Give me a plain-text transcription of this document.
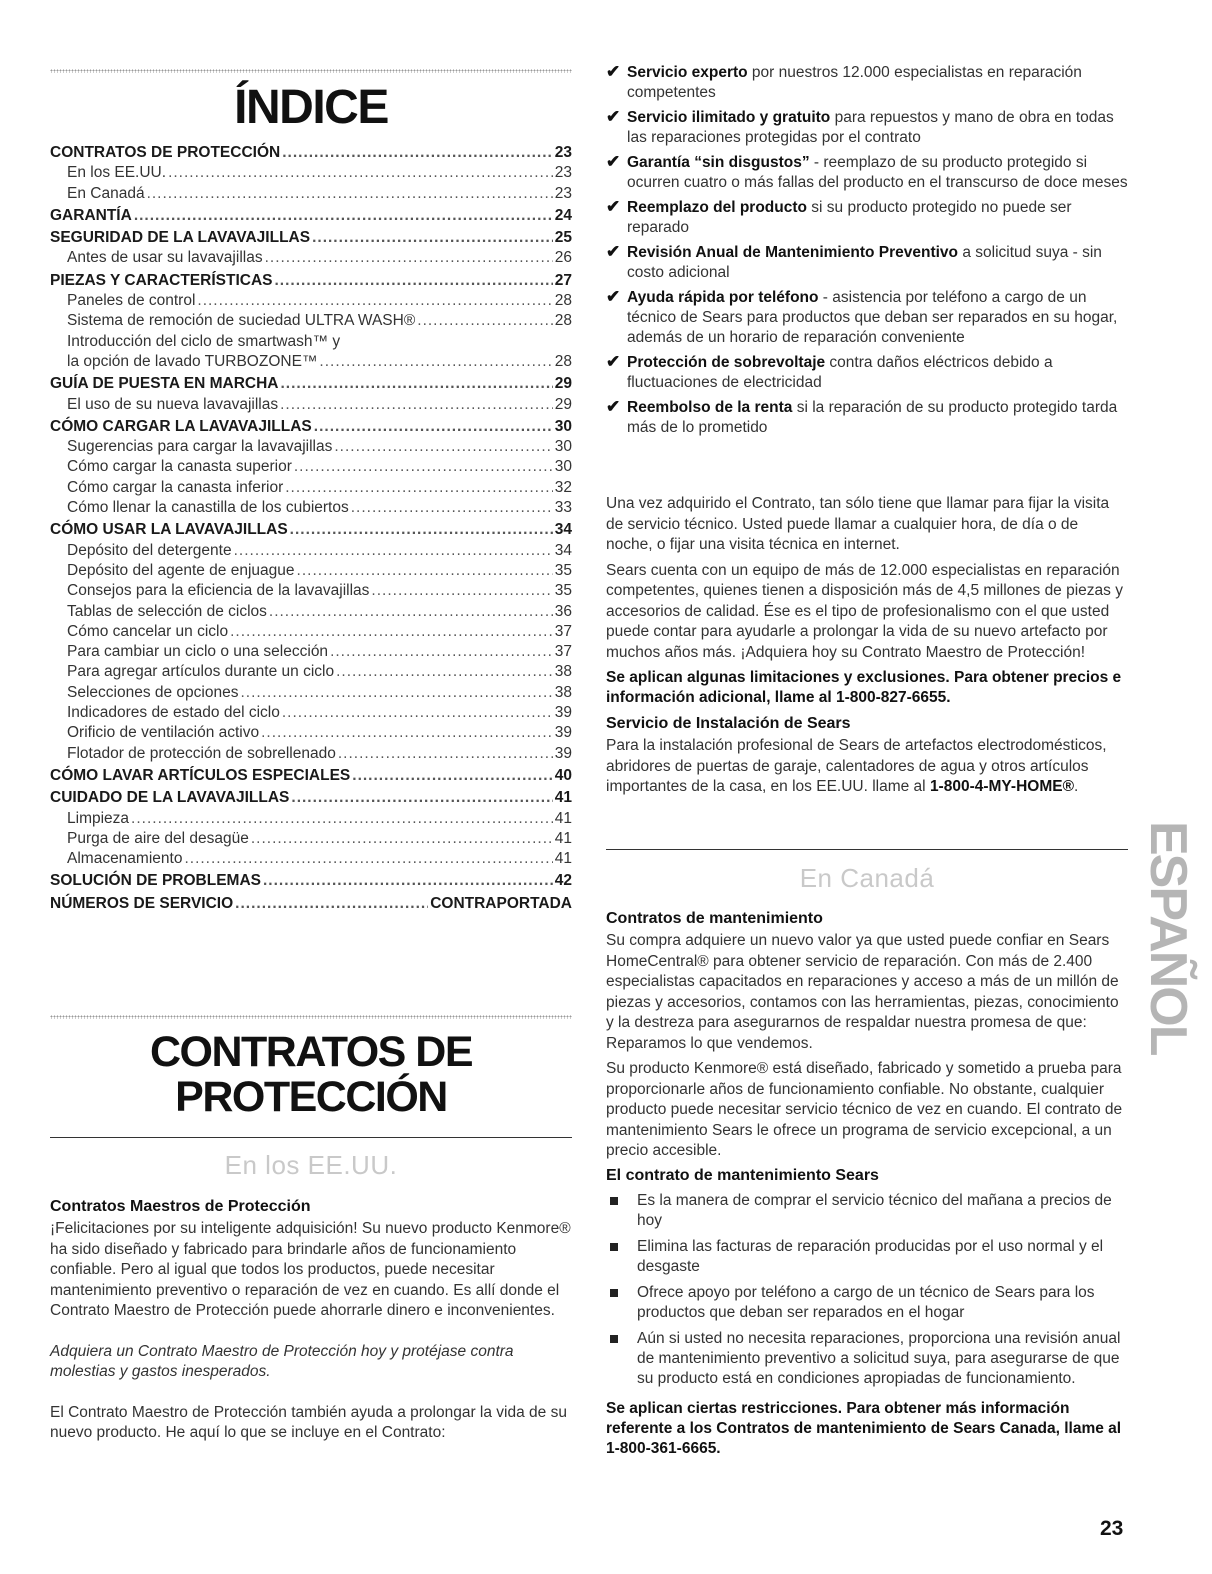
ÍNDICE
CONTRATOS DE PROTECCIÓN .....	23
En los EE.UU. .....	23
En Canadá .....	23
GARANTÍA .....	24
SEGURIDAD DE LA LAVAVAJILLAS .....	25
Antes de usar su lavavajillas .....	26
PIEZAS Y CARACTERÍSTICAS .....	27
Paneles de control .....	28
Sistema de remoción de suciedad ULTRA WASH® .....	28
Introducción del ciclo de smartwash™ y
la opción de lavado TURBOZONE™ .....	28
GUÍA DE PUESTA EN MARCHA .....	29
El uso de su nueva lavavajillas .....	29
CÓMO CARGAR LA LAVAVAJILLAS .....	30
Sugerencias para cargar la lavavajillas .....	30
Cómo cargar la canasta superior .....	30
Cómo cargar la canasta inferior .....	32
Cómo llenar la canastilla de los cubiertos .....	33
CÓMO USAR LA LAVAVAJILLAS .....	34
Depósito del detergente .....	34
Depósito del agente de enjuague .....	35
Consejos para la eficiencia de la lavavajillas .....	35
Tablas de selección de ciclos .....	36
Cómo cancelar un ciclo .....	37
Para cambiar un ciclo o una selección .....	37
Para agregar artículos durante un ciclo .....	38
Selecciones de opciones .....	38
Indicadores de estado del ciclo .....	39
Orificio de ventilación activo .....	39
Flotador de protección de sobrellenado .....	39
CÓMO LAVAR ARTÍCULOS ESPECIALES .....	40
CUIDADO DE LA LAVAVAJILLAS .....	41
Limpieza .....	41
Purga de aire del desagüe .....	41
Almacenamiento .....	41
SOLUCIÓN DE PROBLEMAS .....	42
NÚMEROS DE SERVICIO .....	CONTRAPORTADA
CONTRATOS DE
PROTECCIÓN
En los EE.UU.
Contratos Maestros de Protección

¡Felicitaciones por su inteligente adquisición! Su nuevo producto Kenmore® ha sido diseñado y fabricado para brindarle años de funcionamiento confiable. Pero al igual que todos los productos, puede necesitar mantenimiento preventivo o reparación de vez en cuando. Es allí donde el Contrato Maestro de Protección puede ahorrarle dinero e inconvenientes.

Adquiera un Contrato Maestro de Protección hoy y protéjase contra molestias y gastos inesperados.

El Contrato Maestro de Protección también ayuda a prolongar la vida de su nuevo producto. He aquí lo que se incluye en el Contrato:

✔ Servicio experto por nuestros 12.000 especialistas en reparación competentes
✔ Servicio ilimitado y gratuito para repuestos y mano de obra en todas las reparaciones protegidas por el contrato
✔ Garantía “sin disgustos” - reemplazo de su producto protegido si ocurren cuatro o más fallas del producto en el transcurso de doce meses
✔ Reemplazo del producto si su producto protegido no puede ser reparado
✔ Revisión Anual de Mantenimiento Preventivo a solicitud suya - sin costo adicional
✔ Ayuda rápida por teléfono - asistencia por teléfono a cargo de un técnico de Sears para productos que deban ser reparados en su hogar, además de un horario de reparación conveniente
✔ Protección de sobrevoltaje contra daños eléctricos debido a fluctuaciones de electricidad
✔ Reembolso de la renta si la reparación de su producto protegido tarda más de lo prometido

Una vez adquirido el Contrato, tan sólo tiene que llamar para fijar la visita de servicio técnico. Usted puede llamar a cualquier hora, de día o de noche, o fijar una visita técnica en internet.

Sears cuenta con un equipo de más de 12.000 especialistas en reparación competentes, quienes tienen a disposición más de 4,5 millones de piezas y accesorios de calidad. Ése es el tipo de profesionalismo con el que usted puede contar para ayudarle a prolongar la vida de su nuevo artefacto por muchos años más. ¡Adquiera hoy su Contrato Maestro de Protección!

Se aplican algunas limitaciones y exclusiones. Para obtener precios e información adicional, llame al 1-800-827-6655.

Servicio de Instalación de Sears

Para la instalación profesional de Sears de artefactos electrodomésticos, abridores de puertas de garaje, calentadores de agua y otros artículos importantes de la casa, en los EE.UU. llame al 1-800-4-MY-HOME®.

En Canadá
Contratos de mantenimiento

Su compra adquiere un nuevo valor ya que usted puede confiar en Sears HomeCentral® para obtener servicio de reparación. Con más de 2.400 especialistas capacitados en reparaciones y acceso a más de un millón de piezas y accesorios, contamos con las herramientas, piezas, conocimiento y la destreza para asegurarnos de respaldar nuestra promesa de que: Reparamos lo que vendemos.

Su producto Kenmore® está diseñado, fabricado y sometido a prueba para proporcionarle años de funcionamiento confiable. No obstante, cualquier producto puede necesitar servicio técnico de vez en cuando. El contrato de mantenimiento Sears le ofrece un programa de servicio excepcional, a un precio accesible.

El contrato de mantenimiento Sears
Es la manera de comprar el servicio técnico del mañana a precios de hoy
Elimina las facturas de reparación producidas por el uso normal y el desgaste
Ofrece apoyo por teléfono a cargo de un técnico de Sears para los productos que deban ser reparados en el hogar
Aún si usted no necesita reparaciones, proporciona una revisión anual de mantenimiento preventivo a solicitud suya, para asegurarse de que su producto está en condiciones apropiadas de funcionamiento.

Se aplican ciertas restricciones. Para obtener más información referente a los Contratos de mantenimiento de Sears Canada, llame al 1-800-361-6665.

ESPAÑOL
23
